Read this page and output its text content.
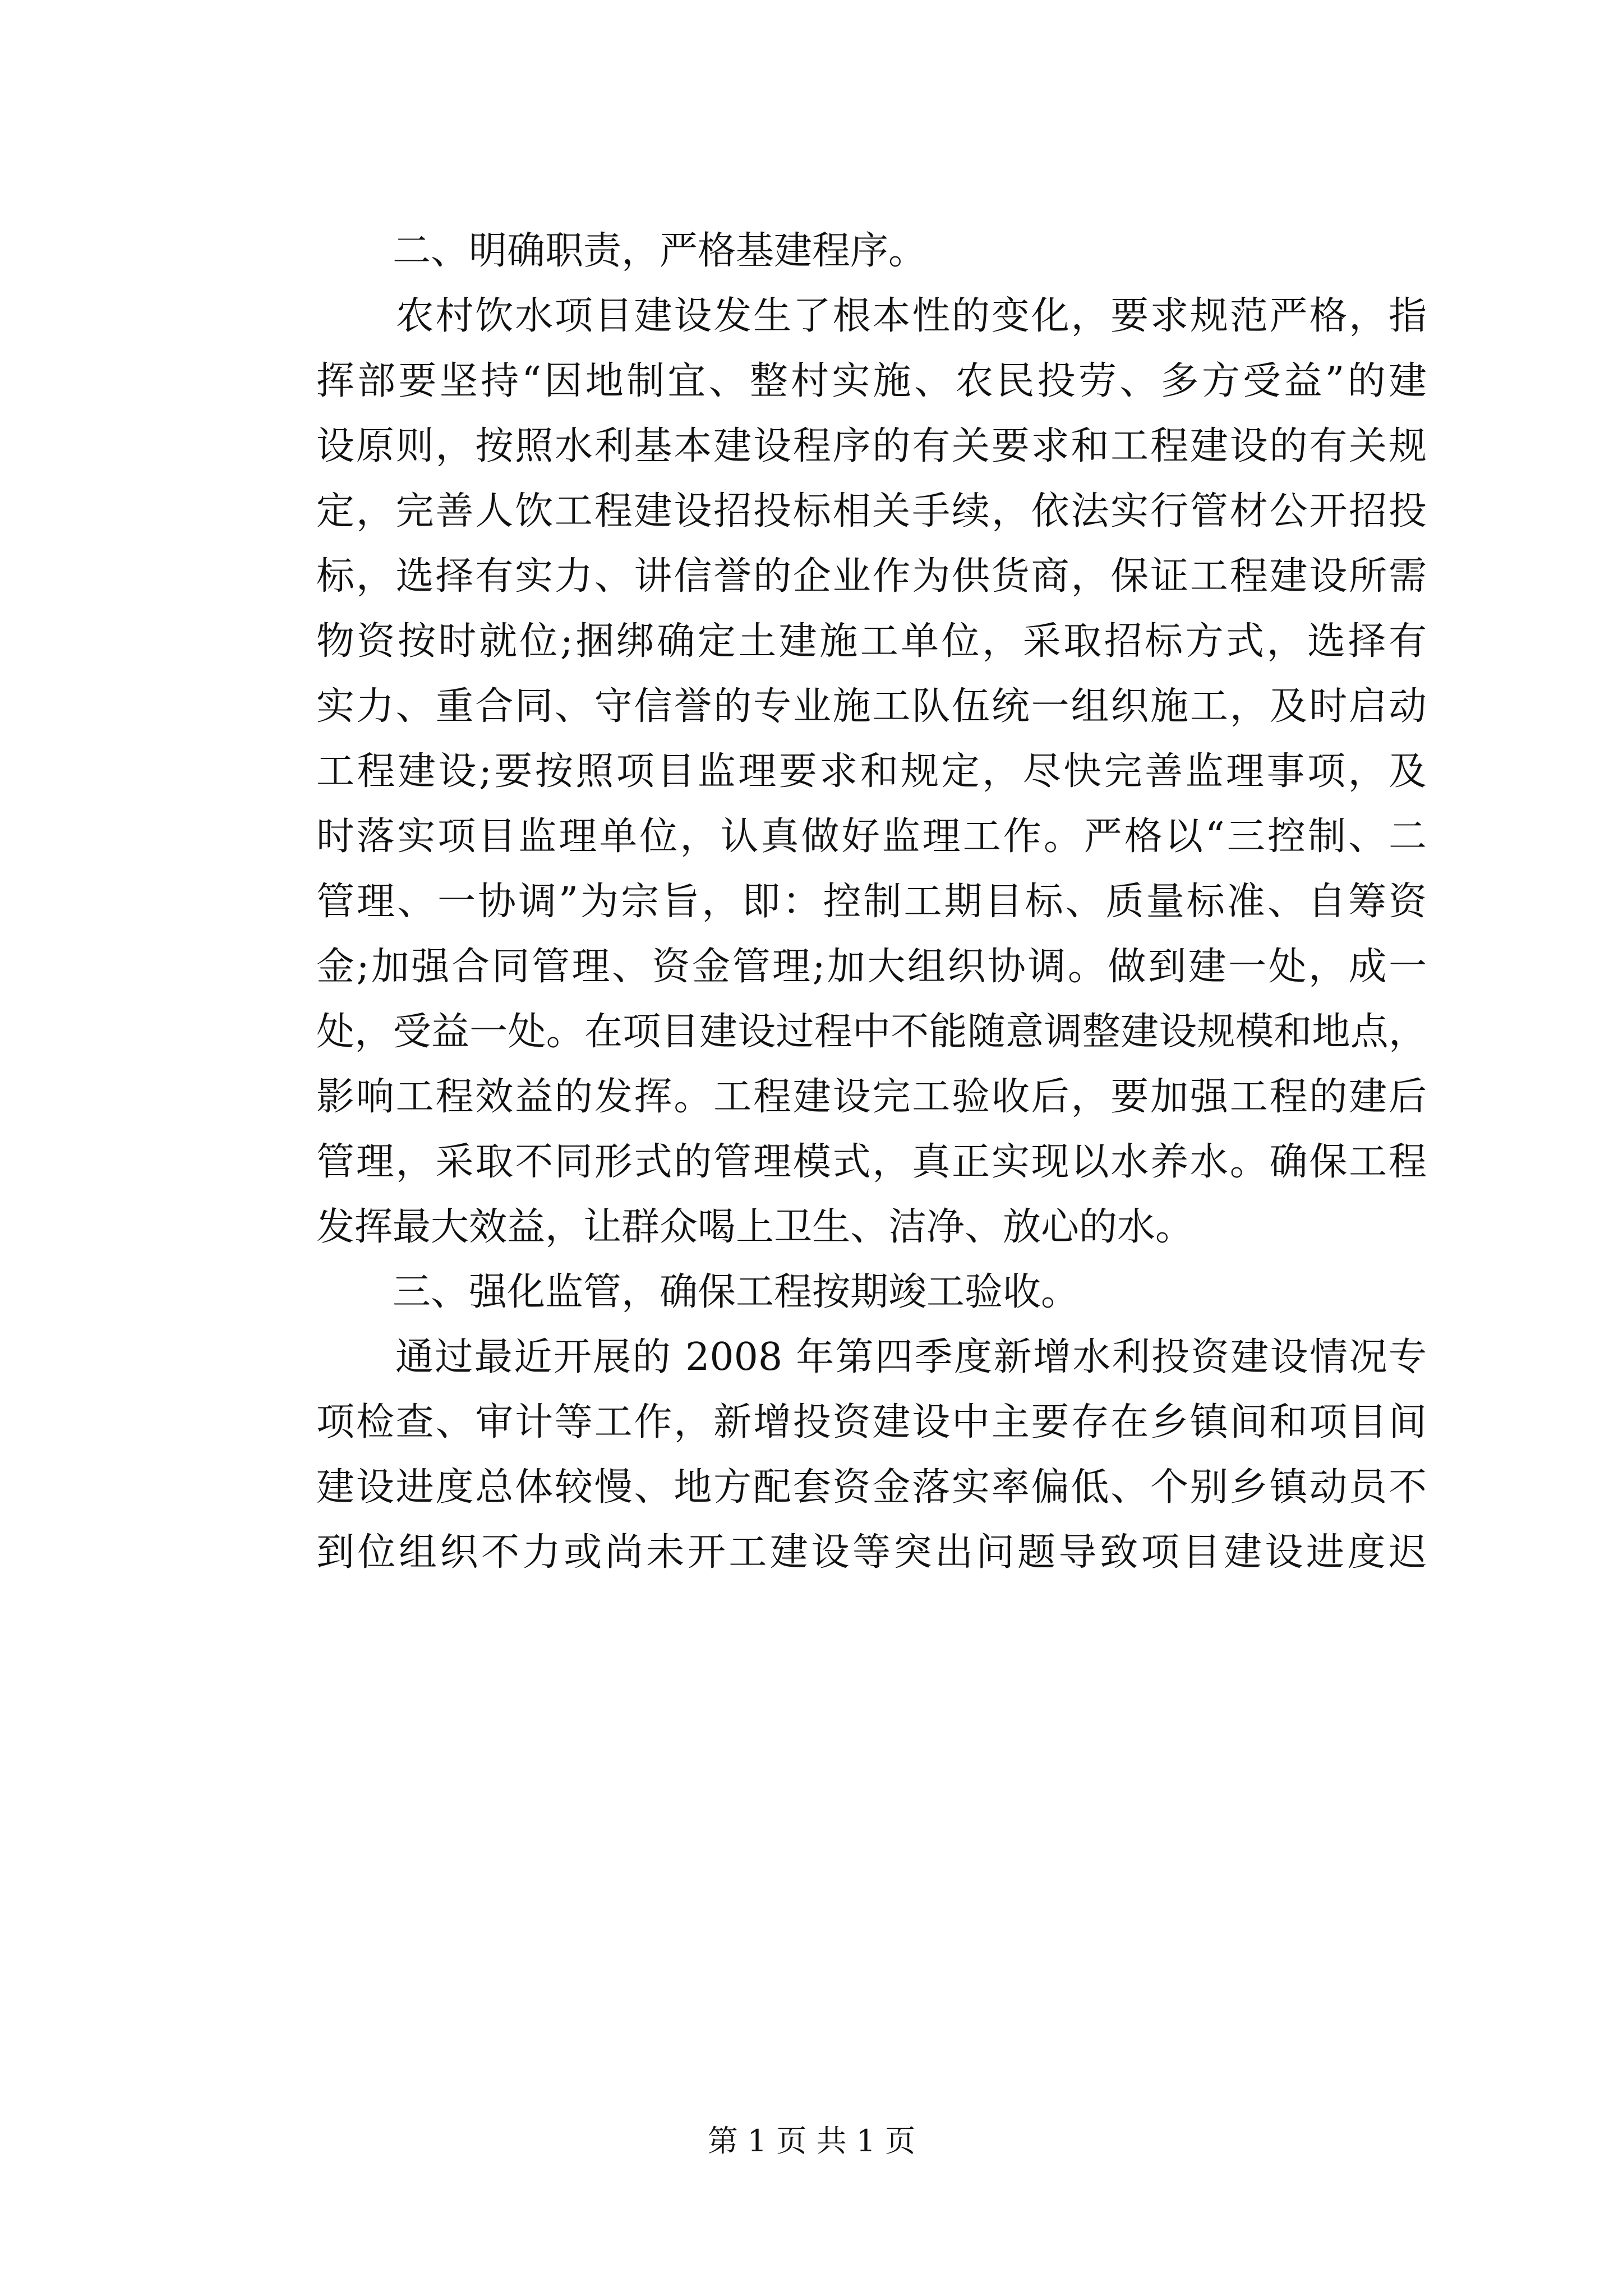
　　二、明确职责，严格基建程序。
　　农村饮水项目建设发生了根本性的变化，要求规范严格，指
挥部要坚持“因地制宜、整村实施、农民投劳、多方受益”的建
设原则，按照水利基本建设程序的有关要求和工程建设的有关规
定，完善人饮工程建设招投标相关手续，依法实行管材公开招投
标，选择有实力、讲信誉的企业作为供货商，保证工程建设所需
物资按时就位;捆绑确定土建施工单位，采取招标方式，选择有
实力、重合同、守信誉的专业施工队伍统一组织施工，及时启动
工程建设;要按照项目监理要求和规定，尽快完善监理事项，及
时落实项目监理单位，认真做好监理工作。严格以“三控制、二
管理、一协调”为宗旨，即：控制工期目标、质量标准、自筹资
金;加强合同管理、资金管理;加大组织协调。做到建一处，成一
处，受益一处。在项目建设过程中不能随意调整建设规模和地点，
影响工程效益的发挥。工程建设完工验收后，要加强工程的建后
管理，采取不同形式的管理模式，真正实现以水养水。确保工程
发挥最大效益，让群众喝上卫生、洁净、放心的水。
　　三、强化监管，确保工程按期竣工验收。
　　通过最近开展的 2008 年第四季度新增水利投资建设情况专
项检查、审计等工作，新增投资建设中主要存在乡镇间和项目间
建设进度总体较慢、地方配套资金落实率偏低、个别乡镇动员不
到位组织不力或尚未开工建设等突出问题导致项目建设进度迟
第 1 页 共 1 页
